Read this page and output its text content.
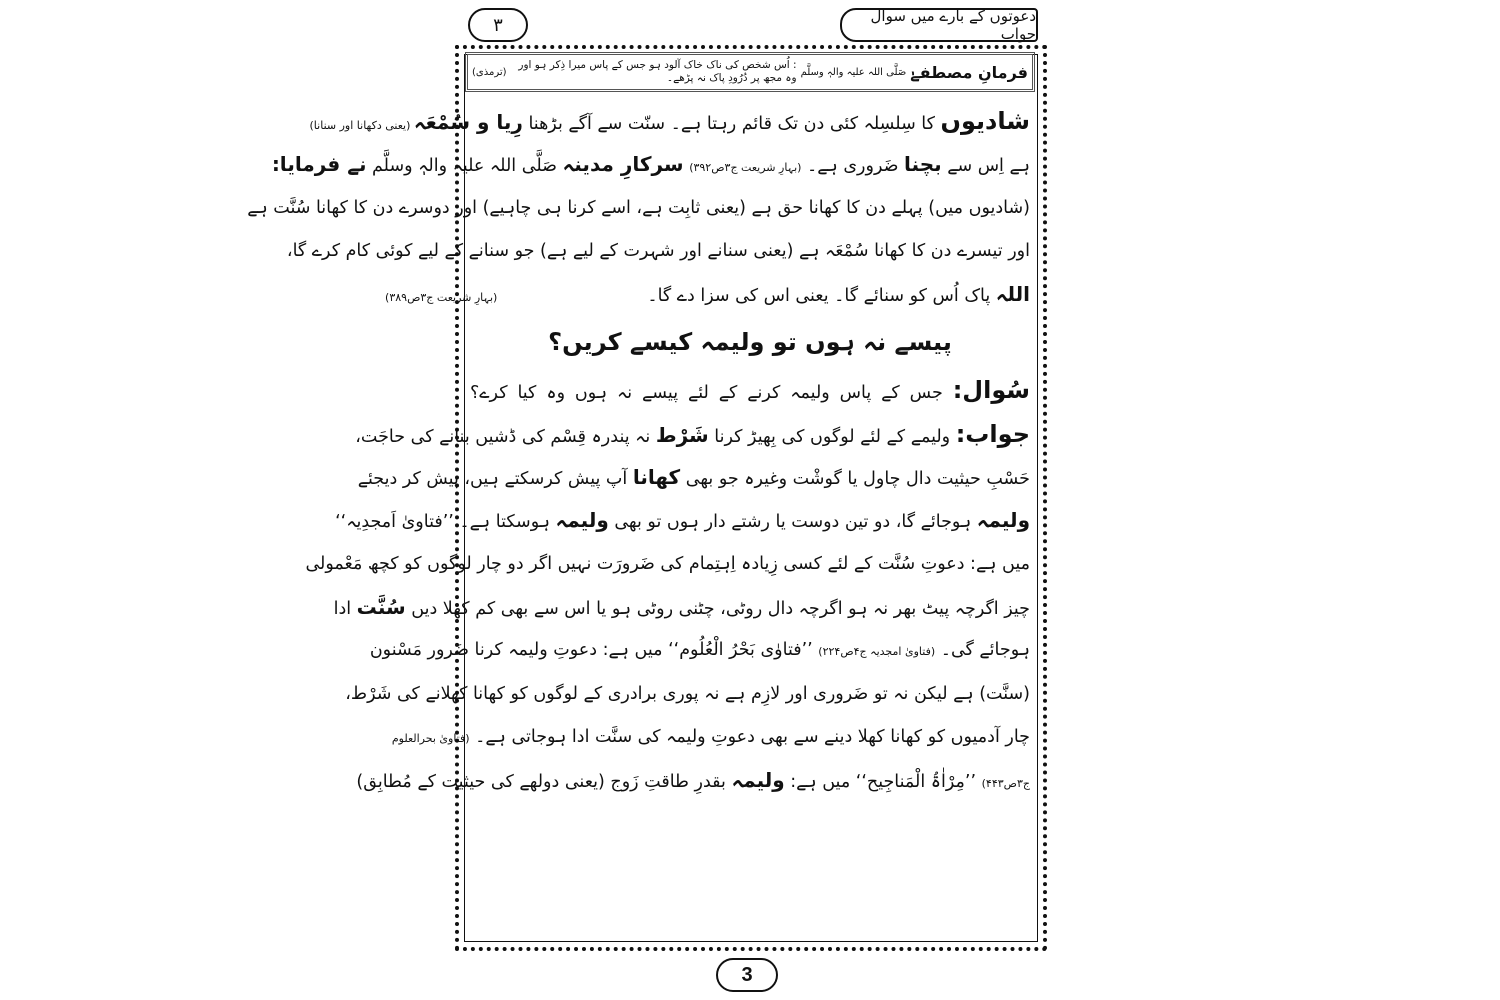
٣	دعوتوں کے بارے میں سوال جواب
فرمانِ مصطفےٰ
صَلَّی اللہ علیہ والہٖ وسلَّم
: اُس شخص کی ناک خاک آلود ہو جس کے پاس میرا ذِکر ہو اور وہ مجھ پر دُرُودِ پاک نہ پڑھے۔
(ترمذی)
شادیوں کا سِلسِلہ کئی دن تک قائم رہتا ہے۔ سنّت سے آگے بڑھنا رِیا و سُمْعَہ (یعنی دکھانا اور سنانا)
ہے اِس سے بچنا ضَروری ہے۔ (بہارِ شریعت ج۳ص۳۹۲) سرکارِ مدینہ صَلَّی اللہ علیہ والہٖ وسلَّم نے فرمایا:
(شادیوں میں) پہلے دن کا کھانا حق ہے (یعنی ثابِت ہے، اسے کرنا ہی چاہیے) اور دوسرے دن کا کھانا سُنَّت ہے
اور تیسرے دن کا کھانا سُمْعَہ ہے (یعنی سنانے اور شہرت کے لیے ہے) جو سنانے کے لیے کوئی کام کرے گا،
اللہ پاک اُس کو سنائے گا۔ یعنی اس کی سزا دے گا۔(بہارِ شریعت ج۳ص۳۸۹)
پیسے نہ ہوں تو ولیمہ کیسے کریں؟
سُوال: جس کے پاس ولیمہ کرنے کے لئے پیسے نہ ہوں وہ کیا کرے؟
جواب: ولیمے کے لئے لوگوں کی بِھیڑ کرنا شَرْط نہ پندرہ قِسْم کی ڈشیں بنانے کی حاجَت،
حَسْبِ حیثیت دال چاول یا گوشْت وغیرہ جو بھی کھانا آپ پیش کرسکتے ہیں، پیش کر دیجئے
ولیمہ ہوجائے گا، دو تین دوست یا رشتے دار ہوں تو بھی ولیمہ ہوسکتا ہے۔ ’’فتاویٰ اَمجدِیہ‘‘
میں ہے: دعوتِ سُنَّت کے لئے کسی زِیادہ اِہتِمام کی ضَرورَت نہیں اگر دو چار لوگوں کو کچھ مَعْمولی
چیز اگرچہ پیٹ بھر نہ ہو اگرچہ دال روٹی، چٹنی روٹی ہو یا اس سے بھی کم کھلا دیں سُنَّت ادا
ہوجائے گی۔ (فتاویٰ امجدیہ ج۴ص۲۲۴) ’’فتاوٰی بَحْرُ الْعُلُوم‘‘ میں ہے: دعوتِ ولیمہ کرنا ضَرور مَسْنون
(سنَّت) ہے لیکن نہ تو ضَروری اور لازِم ہے نہ پوری برادری کے لوگوں کو کھانا کھلانے کی شَرْط،
چار آدمیوں کو کھانا کھلا دینے سے بھی دعوتِ ولیمہ کی سنَّت ادا ہوجاتی ہے۔ (فتاویٰ بحرالعلوم
ج۳ص۴۴۳) ’’مِرْاٰۃُ الْمَناجِیح‘‘ میں ہے: ولیمہ بقدرِ طاقتِ زَوج (یعنی دولھے کی حیثیت کے مُطابِق)
3
